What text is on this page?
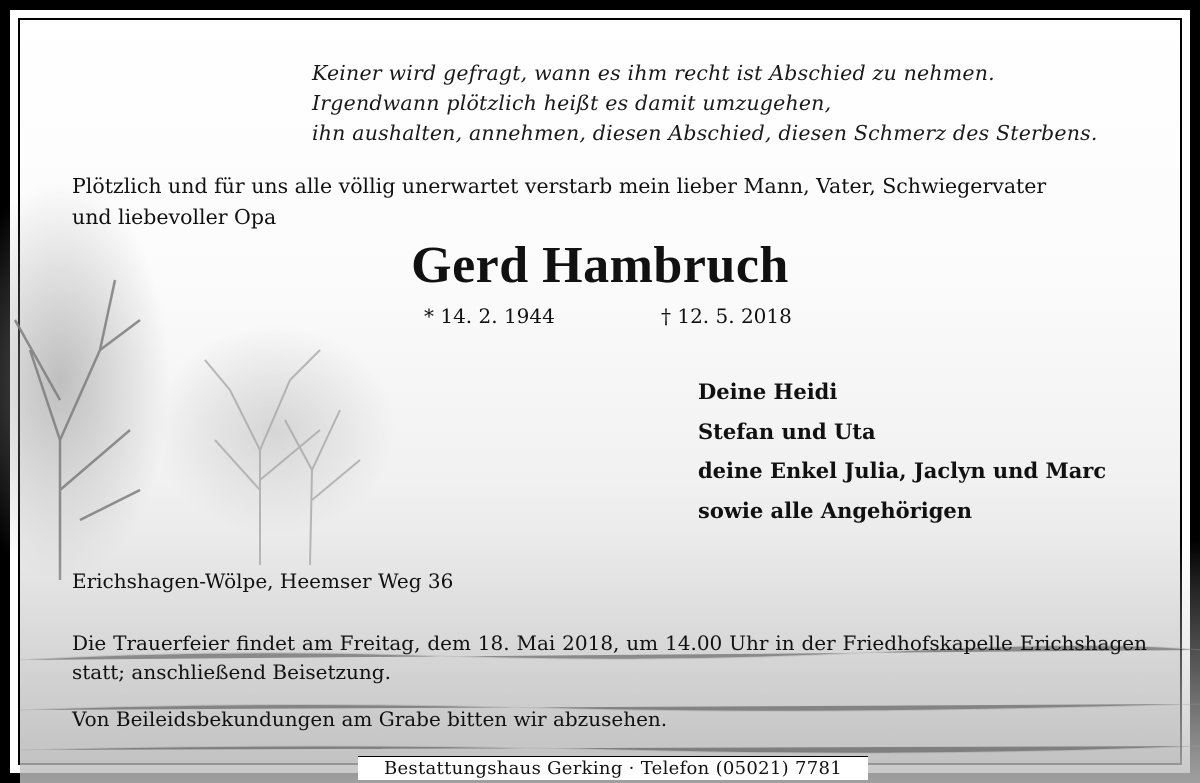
Keiner wird gefragt, wann es ihm recht ist Abschied zu nehmen.
Irgendwann plötzlich heißt es damit umzugehen,
ihn aushalten, annehmen, diesen Abschied, diesen Schmerz des Sterbens.
Plötzlich und für uns alle völlig unerwartet verstarb mein lieber Mann, Vater, Schwiegervater
und liebevoller Opa
Gerd Hambruch
* 14. 2. 1944	† 12. 5. 2018
Deine Heidi
Stefan und Uta
deine Enkel Julia, Jaclyn und Marc
sowie alle Angehörigen
Erichshagen-Wölpe, Heemser Weg 36
Die Trauerfeier findet am Freitag, dem 18. Mai 2018, um 14.00 Uhr in der Friedhofskapelle Erichshagen statt; anschließend Beisetzung.
Von Beileidsbekundungen am Grabe bitten wir abzusehen.
Bestattungshaus Gerking · Telefon (05021) 7781
